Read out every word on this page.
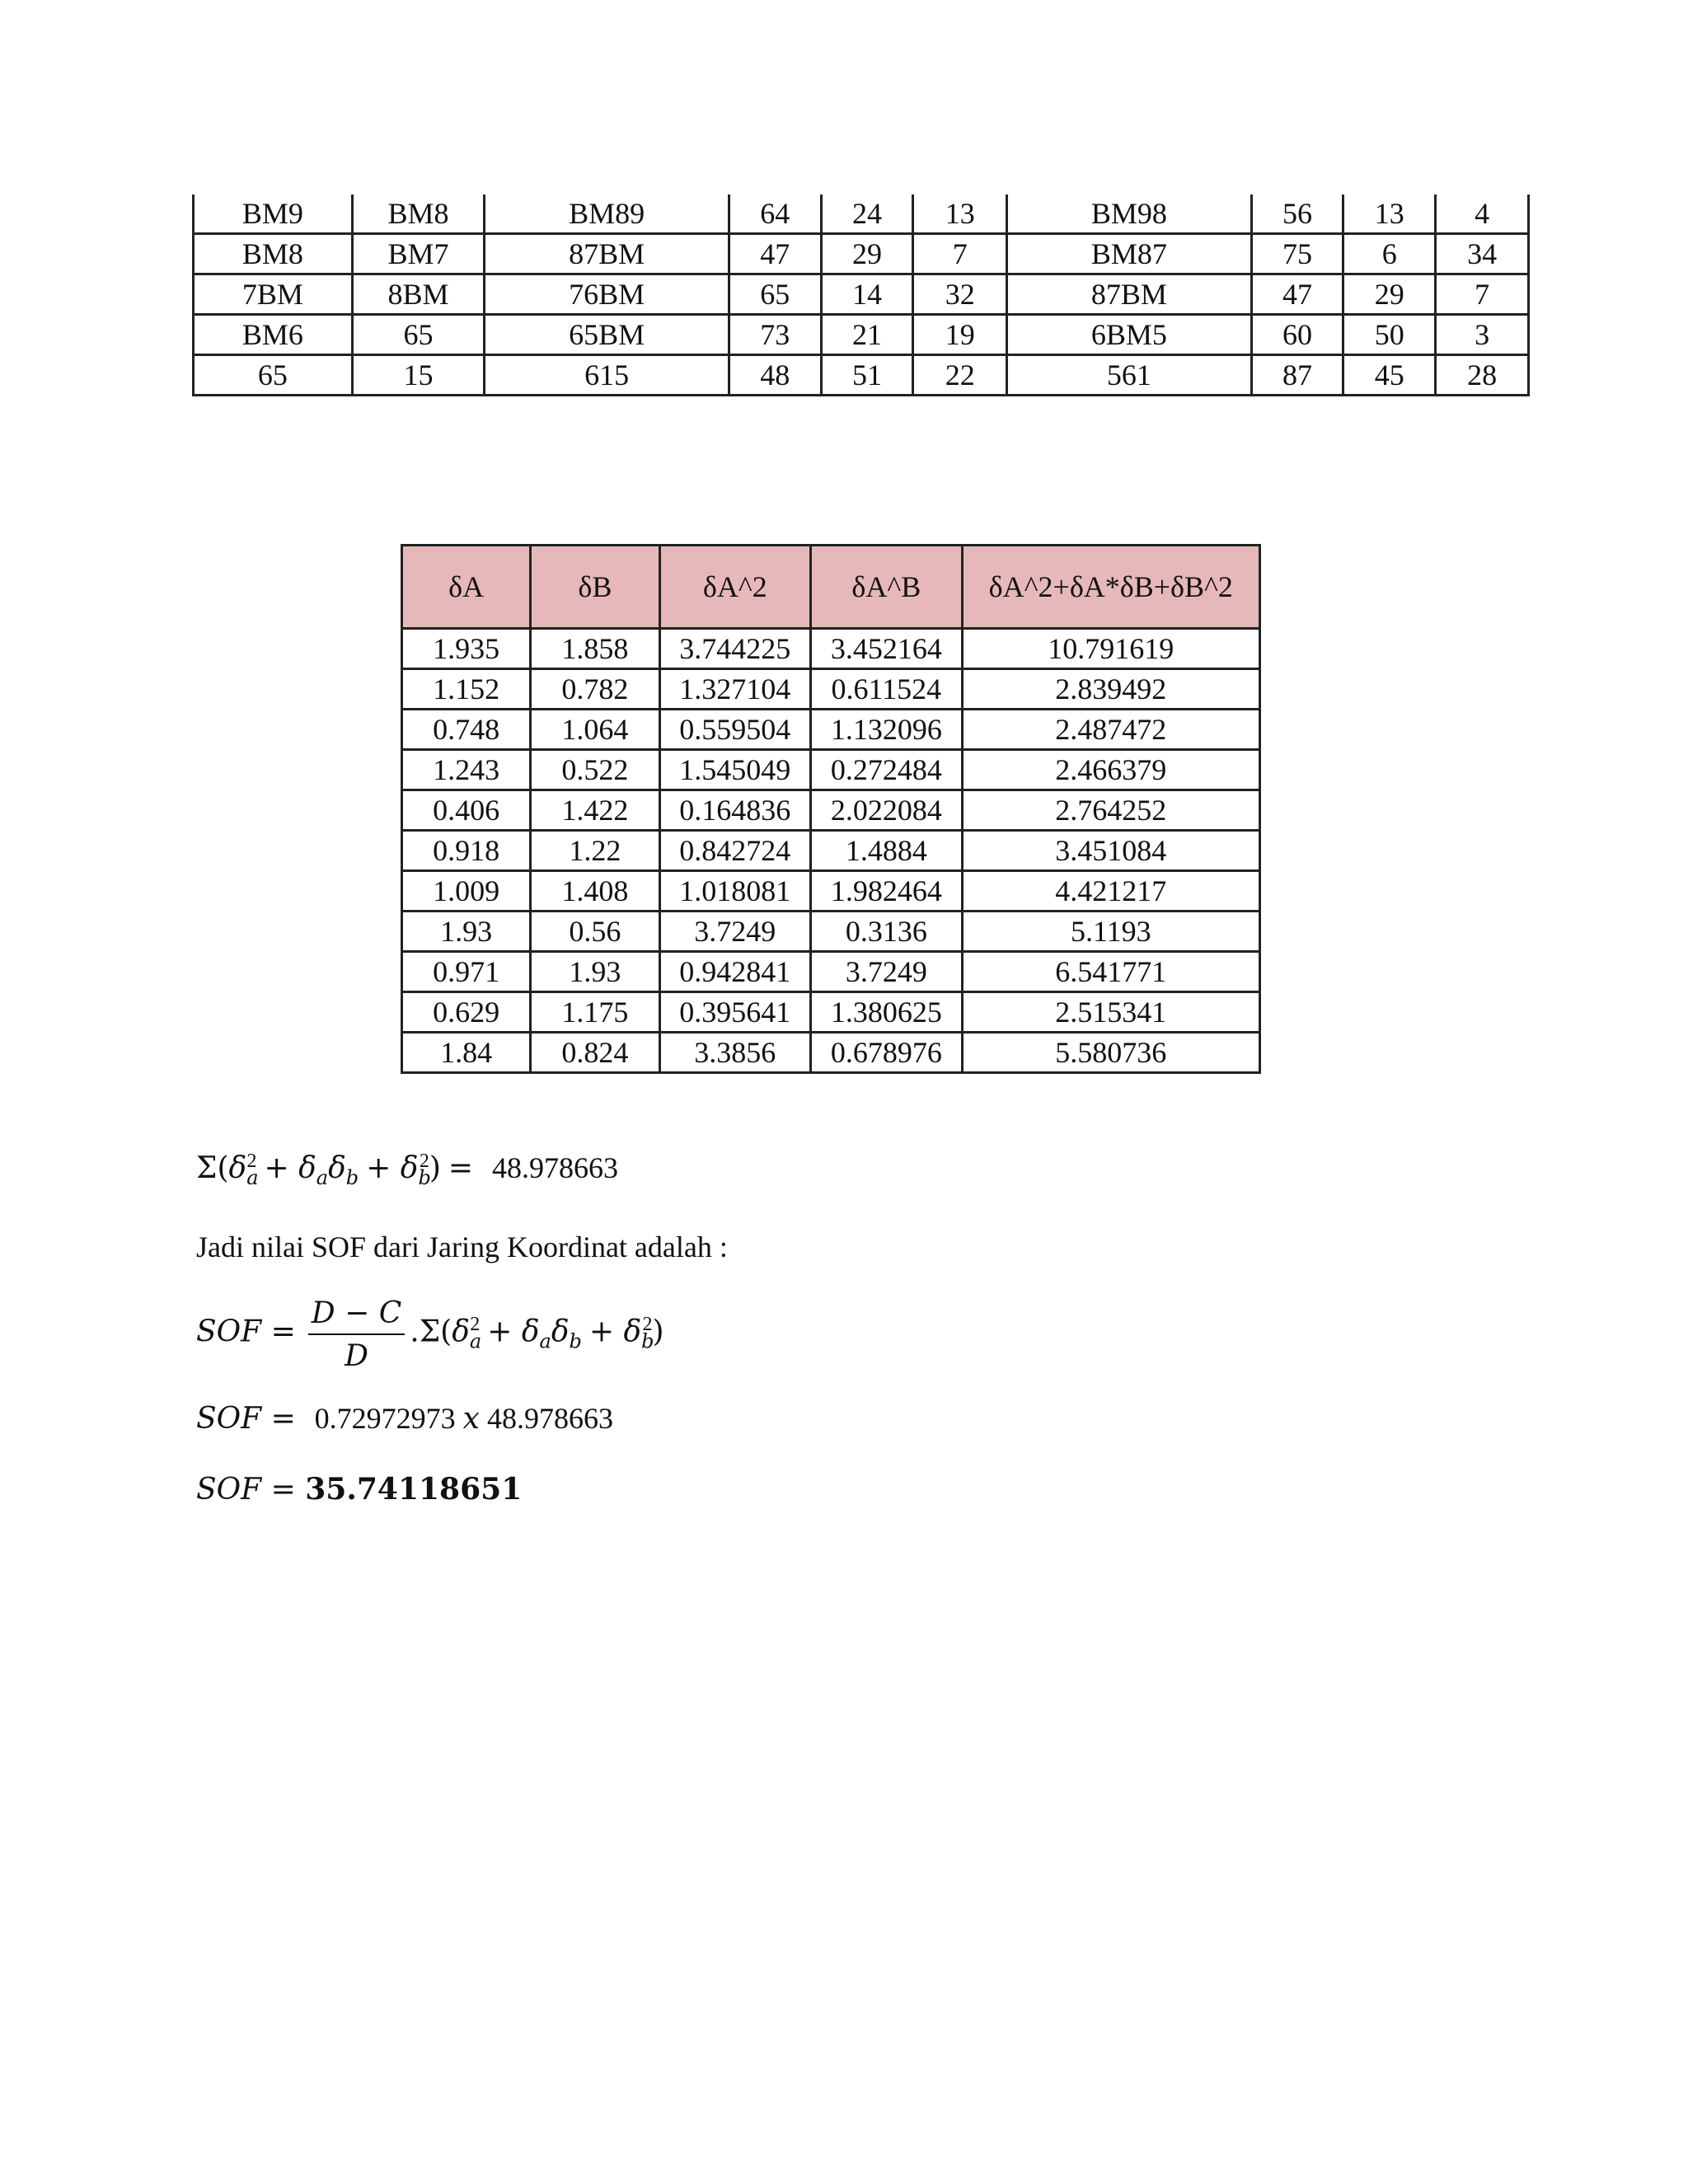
BM9	BM8	BM89	64	24	13	BM98	56	13	4
BM8	BM7	87BM	47	29	7	BM87	75	6	34
7BM	8BM	76BM	65	14	32	87BM	47	29	7
BM6	65	65BM	73	21	19	6BM5	60	50	3
65	15	615	48	51	22	561	87	45	28
δA	δB	δA^2	δA^B	δA^2+δA*δB+δB^2
1.935	1.858	3.744225	3.452164	10.791619
1.152	0.782	1.327104	0.611524	2.839492
0.748	1.064	0.559504	1.132096	2.487472
1.243	0.522	1.545049	0.272484	2.466379
0.406	1.422	0.164836	2.022084	2.764252
0.918	1.22	0.842724	1.4884	3.451084
1.009	1.408	1.018081	1.982464	4.421217
1.93	0.56	3.7249	0.3136	5.1193
0.971	1.93	0.942841	3.7249	6.541771
0.629	1.175	0.395641	1.380625	2.515341
1.84	0.824	3.3856	0.678976	5.580736
$\Sigma(\delta_a^2 + \delta_a\delta_b + \delta_b^2) = 48.978663$
Jadi nilai SOF dari Jaring Koordinat adalah :
SOF = $\frac{D - C}{D} .\Sigma(\delta_a^2 + \delta_a\delta_b + \delta_b^2)$
SOF =  0.72972973 x 48.978663
SOF = 35.74118651
